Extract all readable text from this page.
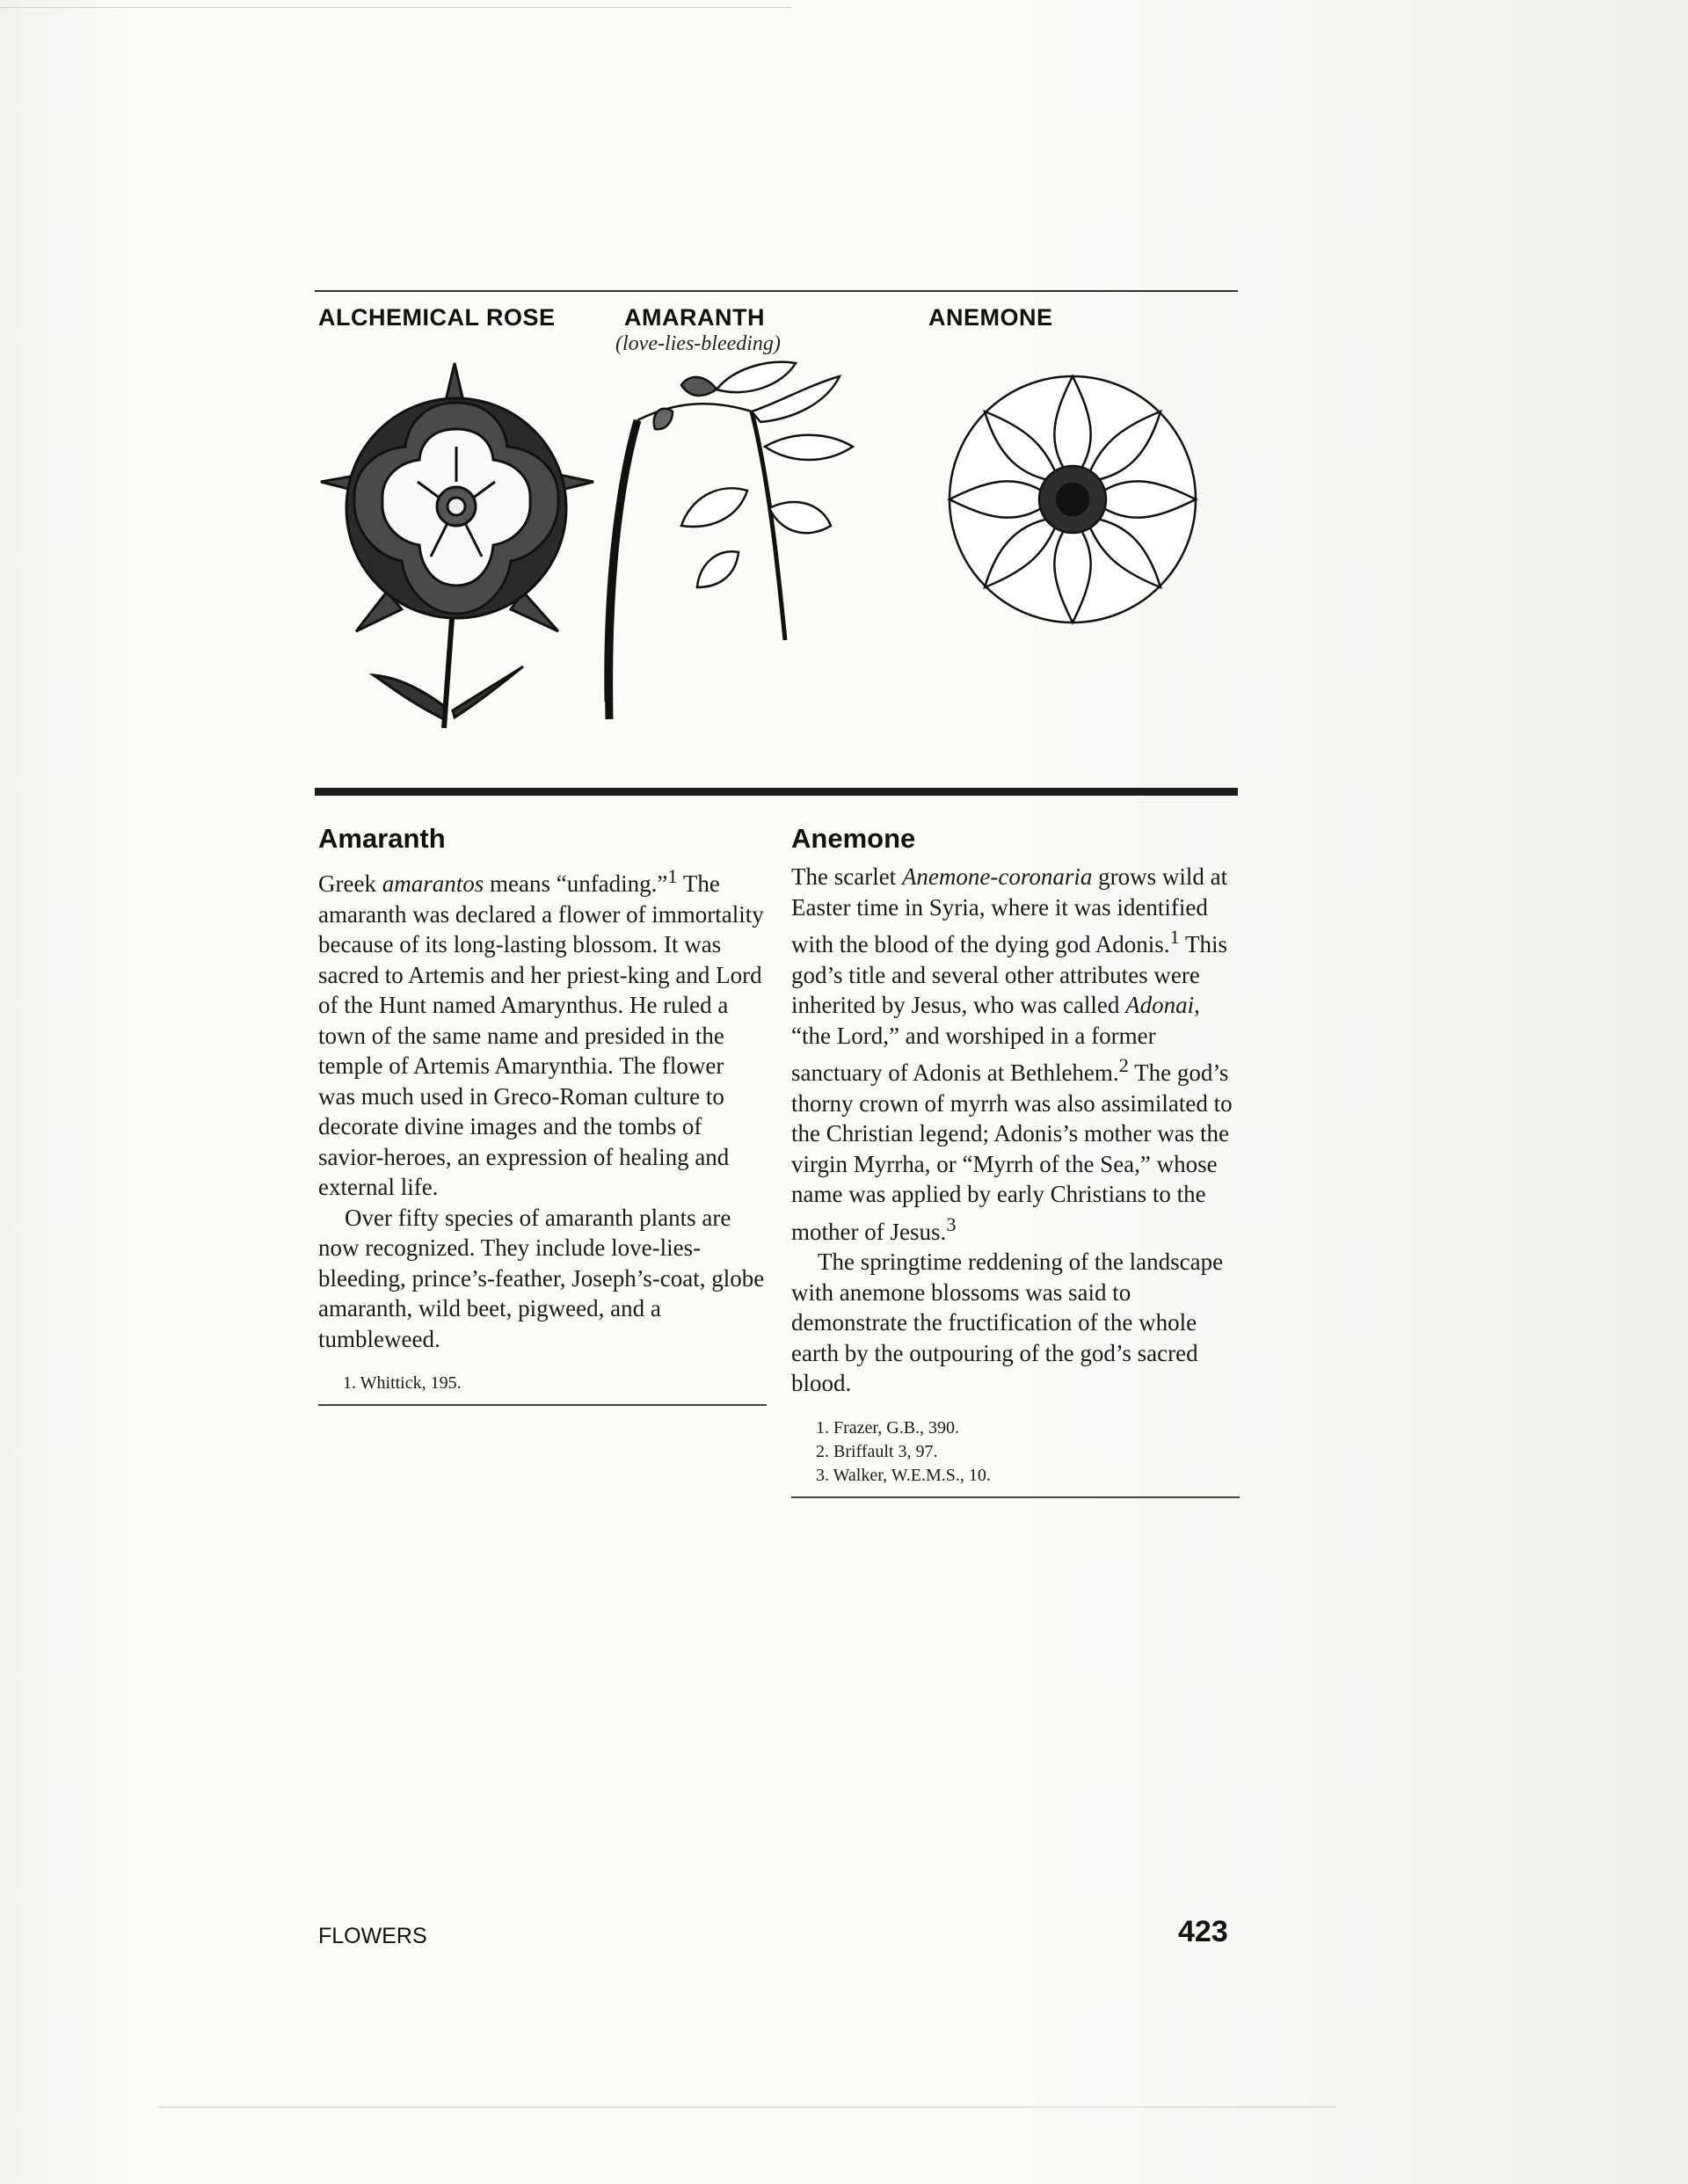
ALCHEMICAL ROSE	AMARANTH
(love-lies-bleeding)
ANEMONE
Amaranth

Greek amarantos means “unfading.”$^1$ The amaranth was declared a flower of immortality because of its long-lasting blossom. It was sacred to Artemis and her priest-king and Lord of the Hunt named Amarynthus. He ruled a town of the same name and presided in the temple of Artemis Amarynthia. The flower was much used in Greco-Roman culture to decorate divine images and the tombs of savior-heroes, an expression of healing and external life.

Over fifty species of amaranth plants are now recognized. They include love-lies-bleeding, prince’s-feather, Joseph’s-coat, globe amaranth, wild beet, pigweed, and a tumbleweed.

1. Whittick, 195.
Anemone

The scarlet Anemone-coronaria grows wild at Easter time in Syria, where it was identified with the blood of the dying god Adonis.$^1$ This god’s title and several other attributes were inherited by Jesus, who was called Adonai, “the Lord,” and worshiped in a former sanctuary of Adonis at Bethlehem.$^2$ The god’s thorny crown of myrrh was also assimilated to the Christian legend; Adonis’s mother was the virgin Myrrha, or “Myrrh of the Sea,” whose name was applied by early Christians to the mother of Jesus.$^3$

The springtime reddening of the landscape with anemone blossoms was said to demonstrate the fructification of the whole earth by the outpouring of the god’s sacred blood.

1. Frazer, G.B., 390.
2. Briffault 3, 97.
3. Walker, W.E.M.S., 10.
FLOWERS	423
